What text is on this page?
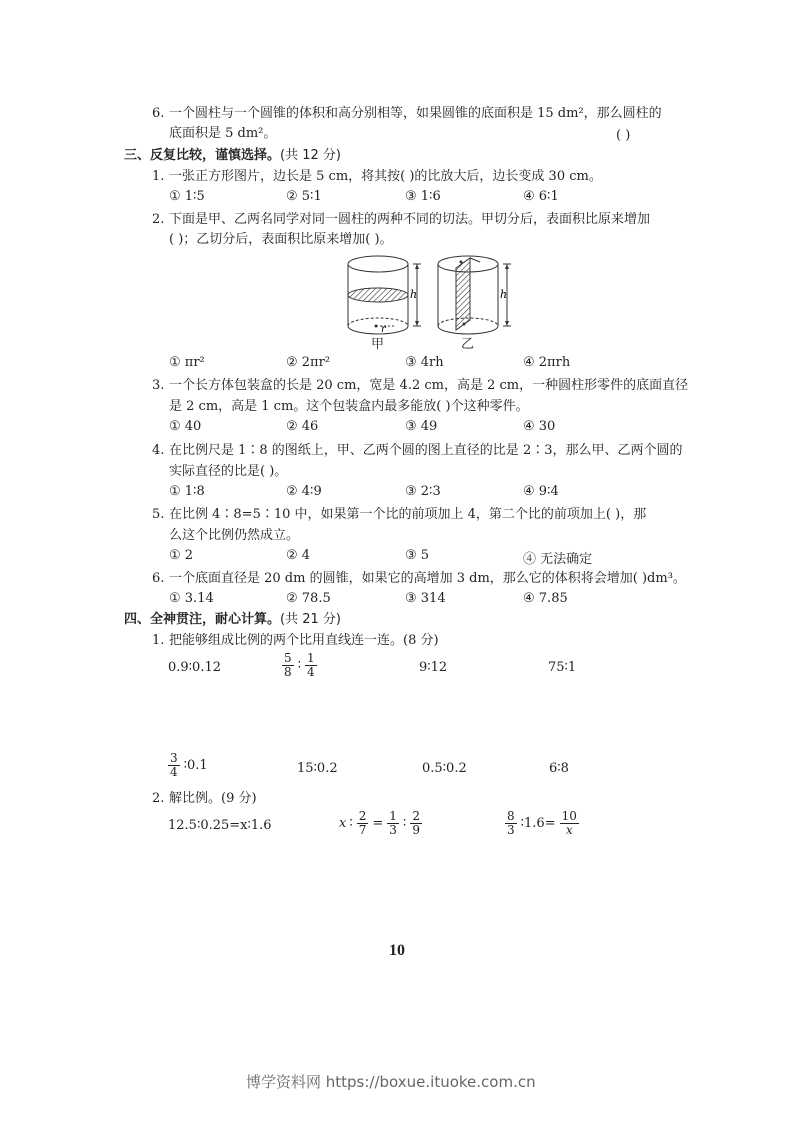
6. 一个圆柱与一个圆锥的体积和高分别相等，如果圆锥的底面积是 15 dm²，那么圆柱的
底面积是 5 dm²。	( )
三、反复比较，谨慎选择。(共 12 分)
1. 一张正方形图片，边长是 5 cm，将其按( )的比放大后，边长变成 30 cm。
① 1∶5	② 5∶1	③ 1∶6	④ 6∶1
2. 下面是甲、乙两名同学对同一圆柱的两种不同的切法。甲切分后，表面积比原来增加
( )；乙切分后，表面积比原来增加( )。
r
h	h
甲	乙
① πr²	② 2πr²	③ 4rh	④ 2πrh
3. 一个长方体包装盒的长是 20 cm，宽是 4.2 cm，高是 2 cm，一种圆柱形零件的底面直径
是 2 cm，高是 1 cm。这个包装盒内最多能放( )个这种零件。
① 40	② 46	③ 49	④ 30
4. 在比例尺是 1∶8 的图纸上，甲、乙两个圆的图上直径的比是 2∶3，那么甲、乙两个圆的
实际直径的比是( )。
① 1∶8	② 4∶9	③ 2∶3	④ 9∶4
5. 在比例 4∶8=5∶10 中，如果第一个比的前项加上 4，第二个比的前项加上( )，那
么这个比例仍然成立。
① 2	② 4	③ 5	④ 无法确定
6. 一个底面直径是 20 dm 的圆锥，如果它的高增加 3 dm，那么它的体积将会增加( )dm³。
① 3.14	② 78.5	③ 314	④ 7.85
四、全神贯注，耐心计算。(共 21 分)
1. 把能够组成比例的两个比用直线连一连。(8 分)
0.9∶0.12	$\frac{5}{8}$ ∶ $\frac{1}{4}$	9∶12	75∶1
$\frac{3}{4}$ ∶0.1	15∶0.2	0.5∶0.2	6∶8
2. 解比例。(9 分)
12.5∶0.25=x∶1.6	x ∶ $\frac{2}{7} = \frac{1}{3}$ ∶ $\frac{2}{9}$	$\frac{8}{3}$ ∶1.6= $\frac{10}{x}$
10
博学资料网 https://boxue.ituoke.com.cn
